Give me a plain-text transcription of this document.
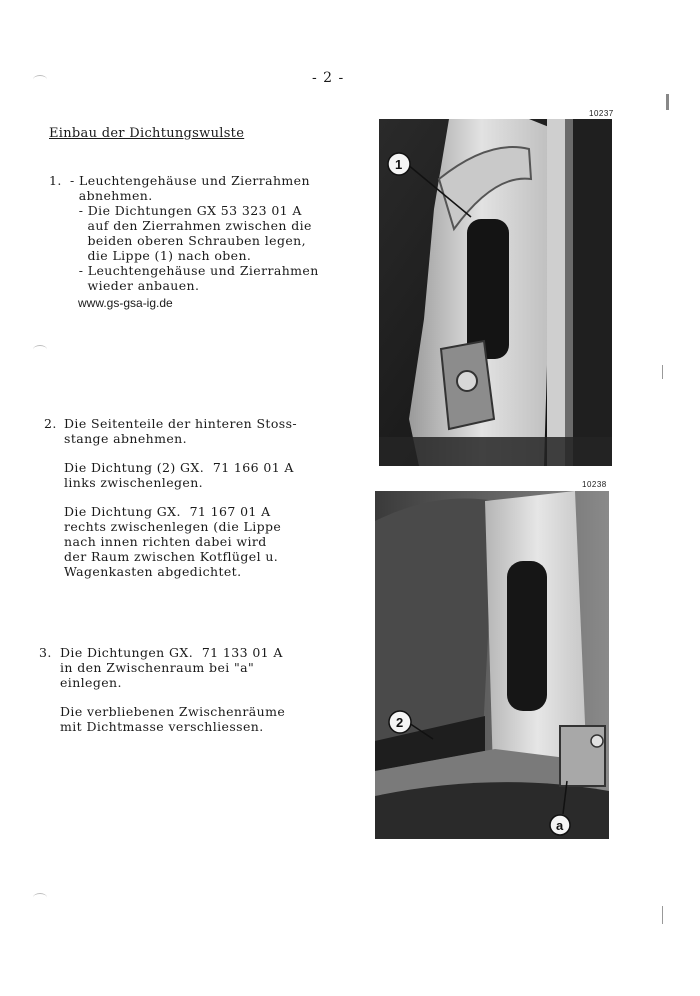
- 2 -
Einbau der Dichtungswulste
1. - Leuchtengehäuse und Zierrahmen

abnehmen.

- Die Dichtungen GX 53 323 01 A

auf den Zierrahmen zwischen die

beiden oberen Schrauben legen,

die Lippe (1) nach oben.

- Leuchtengehäuse und Zierrahmen

wieder anbauen.

www.gs-gsa-ig.de
2. Die Seitenteile der hinteren Stoss-

stange abnehmen.

Die Dichtung (2) GX.  71 166 01 A

links zwischenlegen.

Die Dichtung GX.  71 167 01 A

rechts zwischenlegen (die Lippe

nach innen richten dabei wird

der Raum zwischen Kotflügel u.

Wagenkasten abgedichtet.

3. Die Dichtungen GX.  71 133 01 A

in den Zwischenraum bei "a"

einlegen.

Die verbliebenen Zwischenräume

mit Dichtmasse verschliessen.

10237
1
10238
2
a
